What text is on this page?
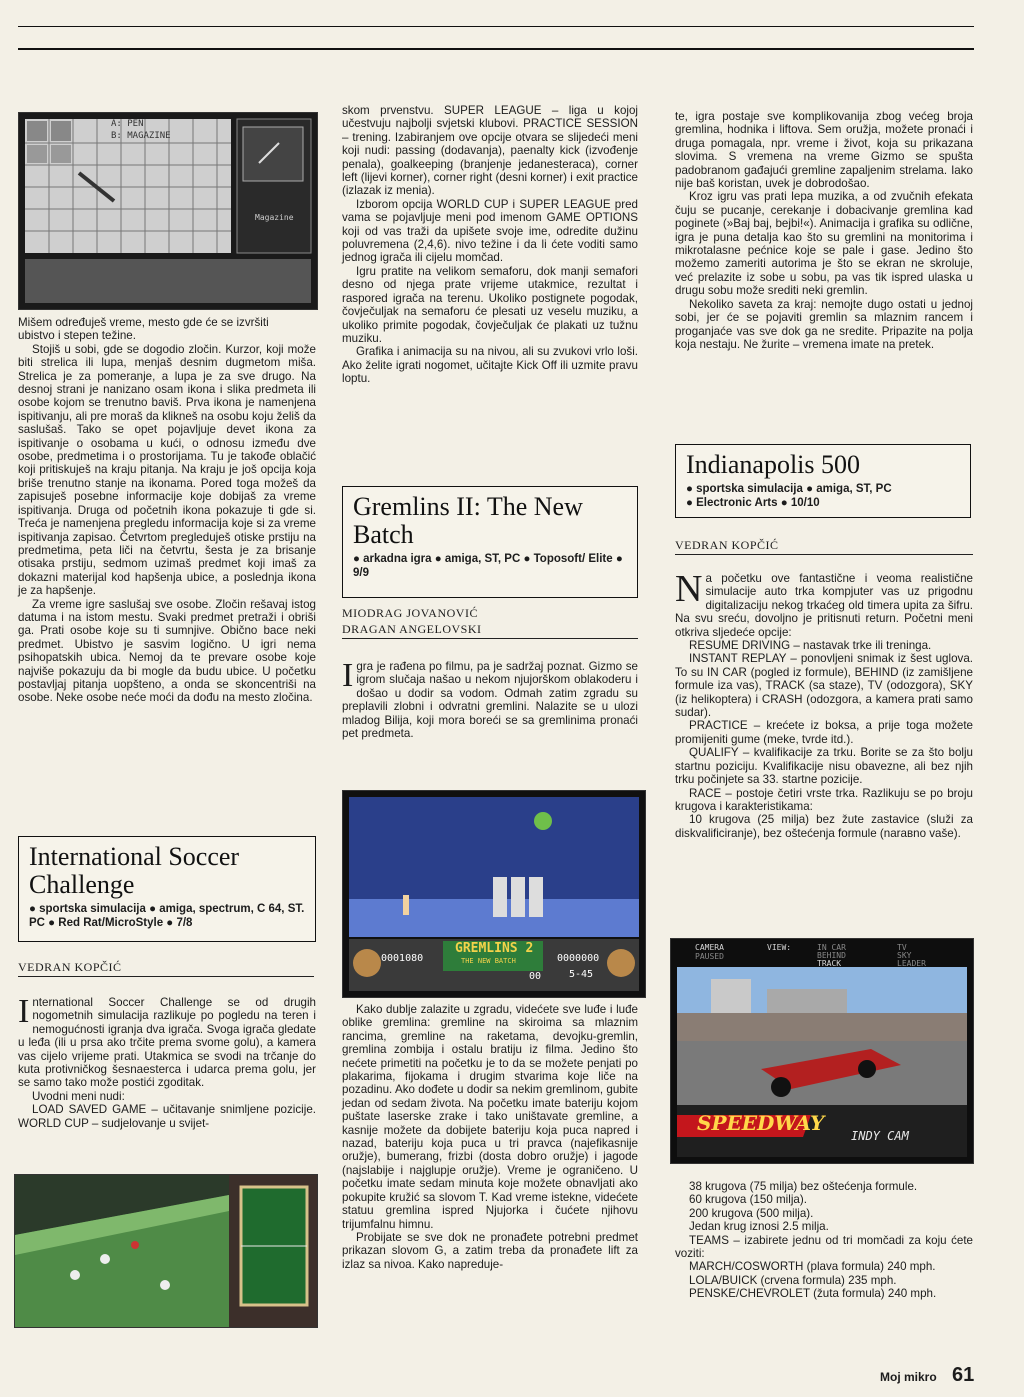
A: PEN
B: MAGAZINE
Magazine

Mišem određuješ vreme, mesto gde će se izvršiti

ubistvo i stepen težine.

Stojiš u sobi, gde se dogodio zločin. Kurzor, koji može biti strelica ili lupa, menjaš desnim dugmetom miša. Strelica je za pomeranje, a lupa je za sve drugo. Na desnoj strani je nanizano osam ikona i slika predmeta ili osobe kojom se trenutno baviš. Prva ikona je namenjena ispitivanju, ali pre moraš da klikneš na osobu koju želiš da saslušaš. Tako se opet pojavljuje devet ikona za ispitivanje o osobama u kući, o odnosu između dve osobe, predmetima i o prostorijama. Tu je takođe oblačić koji pritiskuješ na kraju pitanja. Na kraju je još opcija koja briše trenutno stanje na ikonama. Pored toga možeš da zapisuješ posebne informacije koje dobijaš za vreme ispitivanja. Druga od početnih ikona pokazuje ti gde si. Treća je namenjena pregledu informacija koje si za vreme ispitivanja zapisao. Četvrtom pregleduješ otiske prstiju na predmetima, peta liči na četvrtu, šesta je za brisanje otisaka prstiju, sedmom uzimaš predmet koji imaš za dokazni materijal kod hapšenja ubice, a poslednja ikona je za hapšenje.

Za vreme igre saslušaj sve osobe. Zločin rešavaj istog datuma i na istom mestu. Svaki predmet pretraži i obriši ga. Prati osobe koje su ti sumnjive. Obično bace neki predmet. Ubistvo je sasvim logično. U igri nema psihopatskih ubica. Nemoj da te prevare osobe koje najviše pokazuju da bi mogle da budu ubice. U početku postavljaj pitanja uopšteno, a onda se skoncentriši na osobe. Neke osobe neće moći da dođu na mesto zločina.

International Soccer Challenge
● sportska simulacija ● amiga, spectrum, C 64, ST. PC ● Red Rat/MicroStyle ● 7/8
VEDRAN KOPČIĆ
I nternational Soccer Challenge se od drugih nogometnih simulacija razlikuje po pogledu na teren i nemogućnosti igranja dva igrača. Svoga igrača gledate u leđa (ili u prsa ako trčite prema svome golu), a kamera vas cijelo vrijeme prati. Utakmica se svodi na trčanje do kuta protivničkog šesnaesterca i udarca prema golu, jer se samo tako može postići zgoditak.

Uvodni meni nudi:

LOAD SAVED GAME – učitavanje snimljene pozicije. WORLD CUP – sudjelovanje u svijet-

skom prvenstvu. SUPER LEAGUE – liga u kojoj učestvuju najbolji svjetski klubovi. PRACTICE SESSION – trening. Izabiranjem ove opcije otvara se slijedeći meni koji nudi: passing (dodavanja), paenalty kick (izvođenje penala), goalkeeping (branjenje jedanesteraca), corner left (lijevi korner), corner right (desni korner) i exit practice (izlazak iz menia).

Izborom opcija WORLD CUP i SUPER LEAGUE pred vama se pojavljuje meni pod imenom GAME OPTIONS koji od vas traži da upišete svoje ime, odredite dužinu poluvremena (2,4,6). nivo težine i da li ćete voditi samo jednog igrača ili cijelu momčad.

Igru pratite na velikom semaforu, dok manji semafori desno od njega prate vrijeme utakmice, rezultat i raspored igrača na terenu. Ukoliko postignete pogodak, čovječuljak na semaforu će plesati uz veselu muziku, a ukoliko primite pogodak, čovječuljak će plakati uz tužnu muziku.

Grafika i animacija su na nivou, ali su zvukovi vrlo loši. Ako želite igrati nogomet, učitajte Kick Off ili uzmite pravu loptu.

Gremlins II: The New Batch
● arkadna igra ● amiga, ST, PC ● Toposoft/ Elite ● 9/9
MIODRAG JOVANOVIĆ
DRAGAN ANGELOVSKI
I gra je rađena po filmu, pa je sadržaj poznat. Gizmo se igrom slučaja našao u nekom njujorškom oblakoderu i došao u dodir sa vodom. Odmah zatim zgradu su preplavili zlobni i odvratni gremlini. Nalazite se u ulozi mladog Bilija, koji mora boreći se sa gremlinima pronaći pet predmeta.

GREMLINS 2
THE NEW BATCH
0001080	0000000
00	5-45

Kako dublje zalazite u zgradu, videćete sve luđe i luđe oblike gremlina: gremline na skiroima sa mlaznim rancima, gremline na raketama, devojku-gremlin, gremlina zombija i ostalu bratiju iz filma. Jedino što nećete primetiti na početku je to da se možete penjati po plakarima, fijokama i drugim stvarima koje liče na pozadinu. Ako dođete u dodir sa nekim gremlinom, gubite jedan od sedam života. Na početku imate bateriju kojom puštate laserske zrake i tako uništavate gremline, a kasnije možete da dobijete bateriju koja puca napred i nazad, bateriju koja puca u tri pravca (najefikasnije oružje), bumerang, frizbi (dosta dobro oružje) i jagode (najslabije i najglupje oružje). Vreme je ograničeno. U početku imate sedam minuta koje možete obnavljati ako pokupite kružić sa slovom T. Kad vreme istekne, videćete statuu gremlina ispred Njujorka i čućete njihovu trijumfalnu himnu.

Probijate se sve dok ne pronađete potrebni predmet prikazan slovom G, a zatim treba da pronađete lift za izlaz sa nivoa. Kako napreduje-

te, igra postaje sve komplikovanija zbog većeg broja gremlina, hodnika i liftova. Sem oružja, možete pronaći i druga pomagala, npr. vreme i život, koja su prikazana slovima. S vremena na vreme Gizmo se spušta padobranom gađajući gremline zapaljenim strelama. Iako nije baš koristan, uvek je dobrodošao.

Kroz igru vas prati lepa muzika, a od zvučnih efekata čuju se pucanje, cerekanje i dobacivanje gremlina kad poginete (»Baj baj, bejbi!«). Animacija i grafika su odlične, igra je puna detalja kao što su gremlini na monitorima i mikrotalasne pećnice koje se pale i gase. Jedino što možemo zameriti autorima je što se ekran ne skroluje, već prelazite iz sobe u sobu, pa vas tik ispred ulaska u drugu sobu može srediti neki gremlin.

Nekoliko saveta za kraj: nemojte dugo ostati u jednoj sobi, jer će se pojaviti gremlin sa mlaznim rancem i proganjaće vas sve dok ga ne sredite. Pripazite na polja koja nestaju. Ne žurite – vremena imate na pretek.

Indianapolis 500
● sportska simulacija ● amiga, ST, PC
● Electronic Arts ● 10/10
VEDRAN KOPČIĆ
N a početku ove fantastične i veoma realistične simulacije auto trka kompjuter vas uz prigodnu digitalizaciju nekog trkaćeg old timera upita za šifru. Na svu sreću, dovoljno je pritisnuti return. Početni meni otkriva sljedeće opcije:

RESUME DRIVING – nastavak trke ili treninga.

INSTANT REPLAY – ponovljeni snimak iz šest uglova. To su IN CAR (pogled iz formule), BEHIND (iz zamišljene formule iza vas), TRACK (sa staze), TV (odozgora), SKY (iz helikoptera) i CRASH (odozgora, a kamera prati samo sudar).

PRACTICE – krećete iz boksa, a prije toga možete promijeniti gume (meke, tvrde itd.).

QUALIFY – kvalifikacije za trku. Borite se za što bolju startnu poziciju. Kvalifikacije nisu obavezne, ali bez njih trku počinjete sa 33. startne pozicije.

RACE – postoje četiri vrste trka. Razlikuju se po broju krugova i karakteristikama:

10 krugova (25 milja) bez žute zastavice (služi za diskvalificiranje), bez oštećenja formule (narавno vaše).

CAMERA
PAUSED
VIEW:	IN CAR
BEHIND
TRACK
TV
SKY
LEADER
SPEEDWAY
INDY CAM

38 krugova (75 milja) bez oštećenja formule.

60 krugova (150 milja).

200 krugova (500 milja).

Jedan krug iznosi 2.5 milja.

TEAMS – izabirete jednu od tri momčadi za koju ćete voziti:

MARCH/COSWORTH (plava formula) 240 mph.

LOLA/BUICK (crvena formula) 235 mph.

PENSKE/CHEVROLET (žuta formula) 240 mph.

Moj mikro 61
